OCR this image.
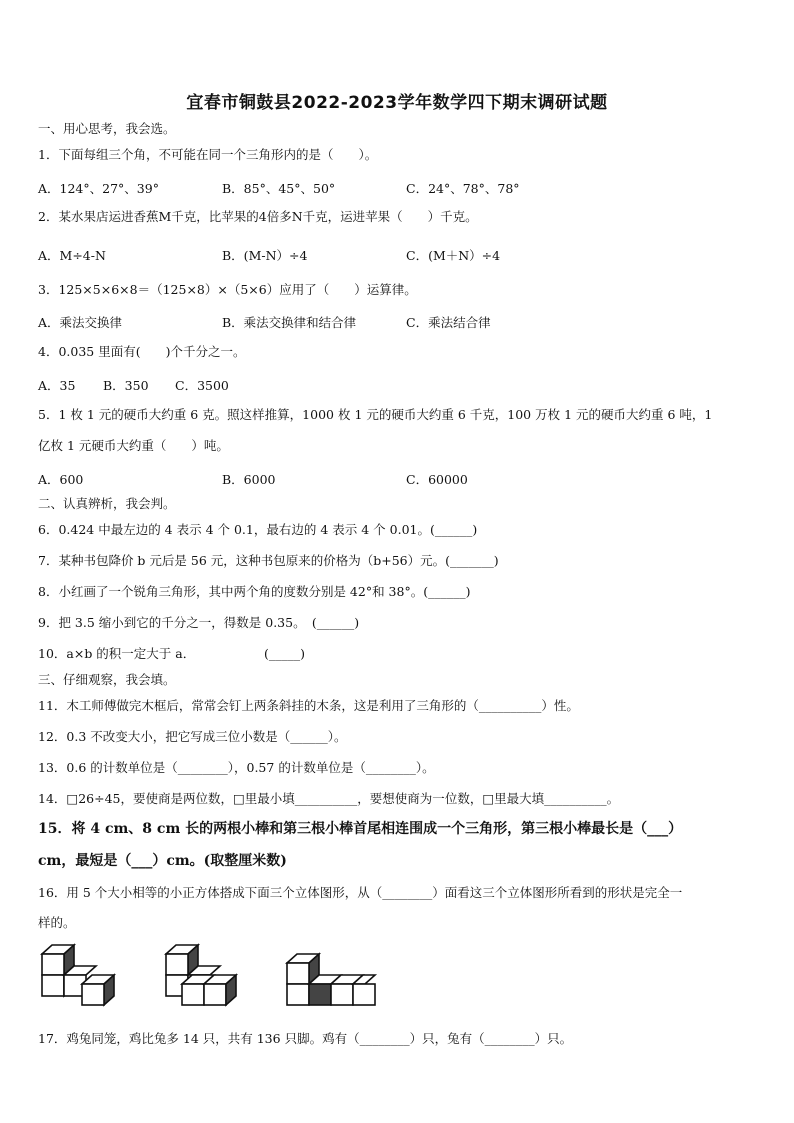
宜春市铜鼓县2022-2023学年数学四下期末调研试题
一、用心思考，我会选。
1．下面每组三个角，不可能在同一个三角形内的是（　　）。
A．124°、27°、39°	B．85°、45°、50°	C．24°、78°、78°
2．某水果店运进香蕉M千克，比苹果的4倍多N千克，运进苹果（　　）千克。
A．M÷4-N	B．(M-N）÷4	C．(M＋N）÷4
3．125×5×6×8＝（125×8）×（5×6）应用了（　　）运算律。
A．乘法交换律	B．乘法交换律和结合律	C．乘法结合律
4．0.035 里面有(　　)个千分之一。
A．35 B．350 C．3500
5．1 枚 1 元的硬币大约重 6 克。照这样推算，1000 枚 1 元的硬币大约重 6 千克，100 万枚 1 元的硬币大约重 6 吨，1
亿枚 1 元硬币大约重（　　）吨。
A．600	B．6000	C．60000
二、认真辨析，我会判。
6．0.424 中最左边的 4 表示 4 个 0.1，最右边的 4 表示 4 个 0.01。(______)
7．某种书包降价 b 元后是 56 元，这种书包原来的价格为（b+56）元。(_______)
8．小红画了一个锐角三角形，其中两个角的度数分别是 42°和 38°。(______)
9．把 3.5 缩小到它的千分之一，得数是 0.35。　(______)
10．a×b 的积一定大于 a．　　　　　　(_____)
三、仔细观察，我会填。
11．木工师傅做完木框后，常常会钉上两条斜挂的木条，这是利用了三角形的（__________）性。
12．0.3 不改变大小，把它写成三位小数是（______）。
13．0.6 的计数单位是（________），0.57 的计数单位是（________）。
14．□26÷45，要使商是两位数，□里最小填__________，要想使商为一位数，□里最大填__________。
15．将 4 cm、8 cm 长的两根小棒和第三根小棒首尾相连围成一个三角形，第三根小棒最长是（___）
cm，最短是（___）cm。(取整厘米数)
16．用 5 个大小相等的小正方体搭成下面三个立体图形，从（________）面看这三个立体图形所看到的形状是完全一
样的。
17．鸡兔同笼，鸡比兔多 14 只，共有 136 只脚。鸡有（________）只，兔有（________）只。
